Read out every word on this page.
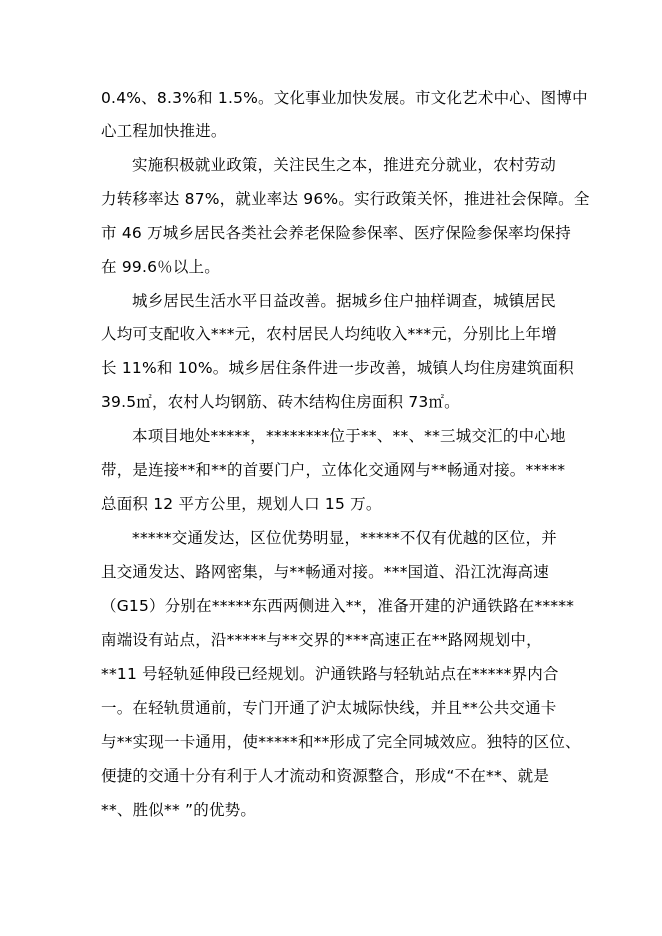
0.4%、8.3%和 1.5%。文化事业加快发展。市文化艺术中心、图博中
心工程加快推进。
实施积极就业政策，关注民生之本，推进充分就业，农村劳动
力转移率达 87%，就业率达 96%。实行政策关怀，推进社会保障。全
市 46 万城乡居民各类社会养老保险参保率、医疗保险参保率均保持
在 99.6％以上。
城乡居民生活水平日益改善。据城乡住户抽样调查，城镇居民
人均可支配收入***元，农村居民人均纯收入***元，分别比上年增
长 11%和 10%。城乡居住条件进一步改善，城镇人均住房建筑面积
39.5㎡，农村人均钢筋、砖木结构住房面积 73㎡。
本项目地处*****，********位于**、**、**三城交汇的中心地
带，是连接**和**的首要门户，立体化交通网与**畅通对接。*****
总面积 12 平方公里，规划人口 15 万。
*****交通发达，区位优势明显，*****不仅有优越的区位，并
且交通发达、路网密集，与**畅通对接。***国道、沿江沈海高速
（G15）分别在*****东西两侧进入**，准备开建的沪通铁路在*****
南端设有站点，沿*****与**交界的***高速正在**路网规划中，
**11 号轻轨延伸段已经规划。沪通铁路与轻轨站点在*****界内合
一。在轻轨贯通前，专门开通了沪太城际快线，并且**公共交通卡
与**实现一卡通用，使*****和**形成了完全同城效应。独特的区位、
便捷的交通十分有利于人才流动和资源整合，形成“不在**、就是
**、胜似** ”的优势。
